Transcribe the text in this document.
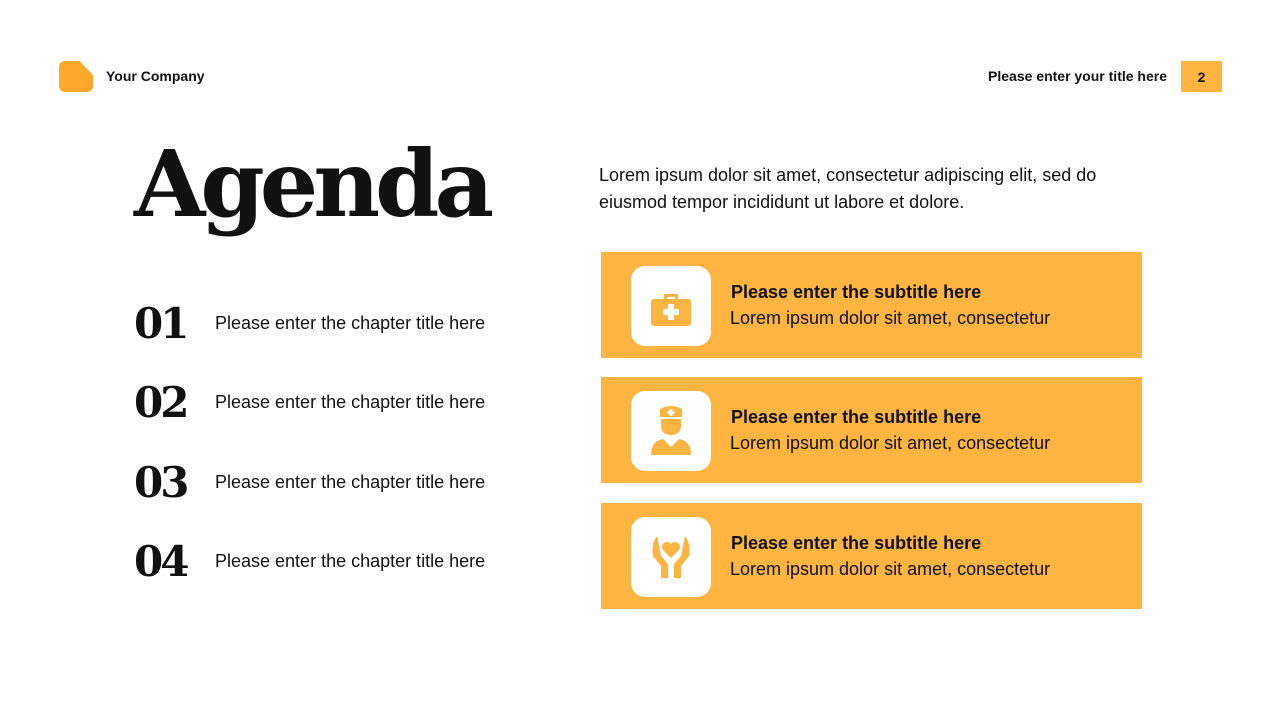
Your Company	Please enter your title here	2
Agenda
01	Please enter the chapter title here
02	Please enter the chapter title here
03	Please enter the chapter title here
04	Please enter the chapter title here
Lorem ipsum dolor sit amet, consectetur adipiscing elit, sed do eiusmod tempor incididunt ut labore et dolore.
Please enter the subtitle here
Lorem ipsum dolor sit amet, consectetur
Please enter the subtitle here
Lorem ipsum dolor sit amet, consectetur
Please enter the subtitle here
Lorem ipsum dolor sit amet, consectetur
